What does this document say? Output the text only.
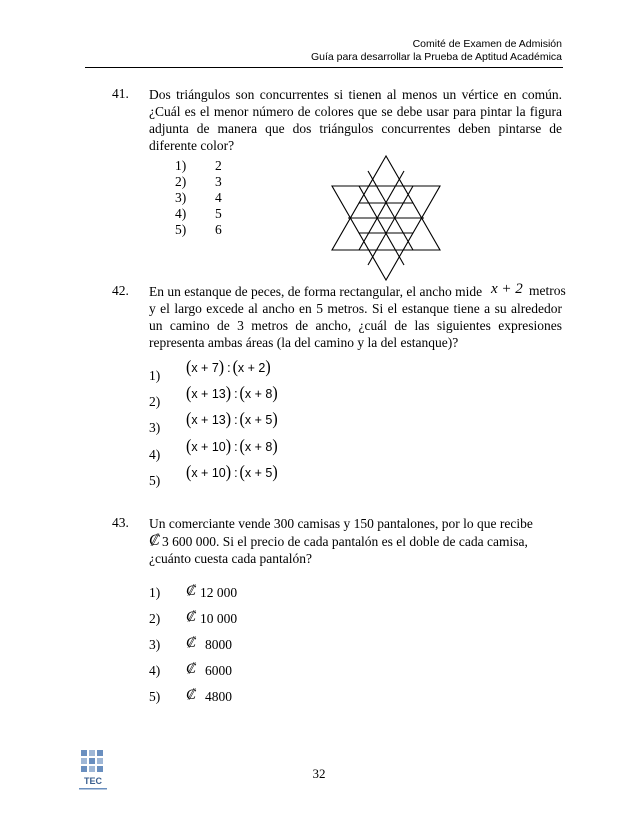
Comité de Examen de Admisión
Guía para desarrollar la Prueba de Aptitud Académica
41. Dos triángulos son concurrentes si tienen al menos un vértice en común. ¿Cuál es el menor número de colores que se debe usar para pintar la figura adjunta de manera que dos triángulos concurrentes deben pintarse de diferente color?
1) 2
2) 3
3) 4
4) 5
5) 6
42. En un estanque de peces, de forma rectangular, el ancho mide x + 2 metros
y el largo excede al ancho en 5 metros. Si el estanque tiene a su alrededor un camino de 3 metros de ancho, ¿cuál de las siguientes expresiones representa ambas áreas (la del camino y la del estanque)?
1) (x + 7) : (x + 2)
2) (x + 13) : (x + 8)
3) (x + 13) : (x + 5)
4) (x + 10) : (x + 8)
5) (x + 10) : (x + 5)
43. Un comerciante vende 300 camisas y 150 pantalones, por lo que recibe
₡ 3 600 000. Si el precio de cada pantalón es el doble de cada camisa,
¿cuánto cuesta cada pantalón?
1) ₡ 12 000
2) ₡ 10 000
3) ₡ 8000
4) ₡ 6000
5) ₡ 4800
TEC	32
